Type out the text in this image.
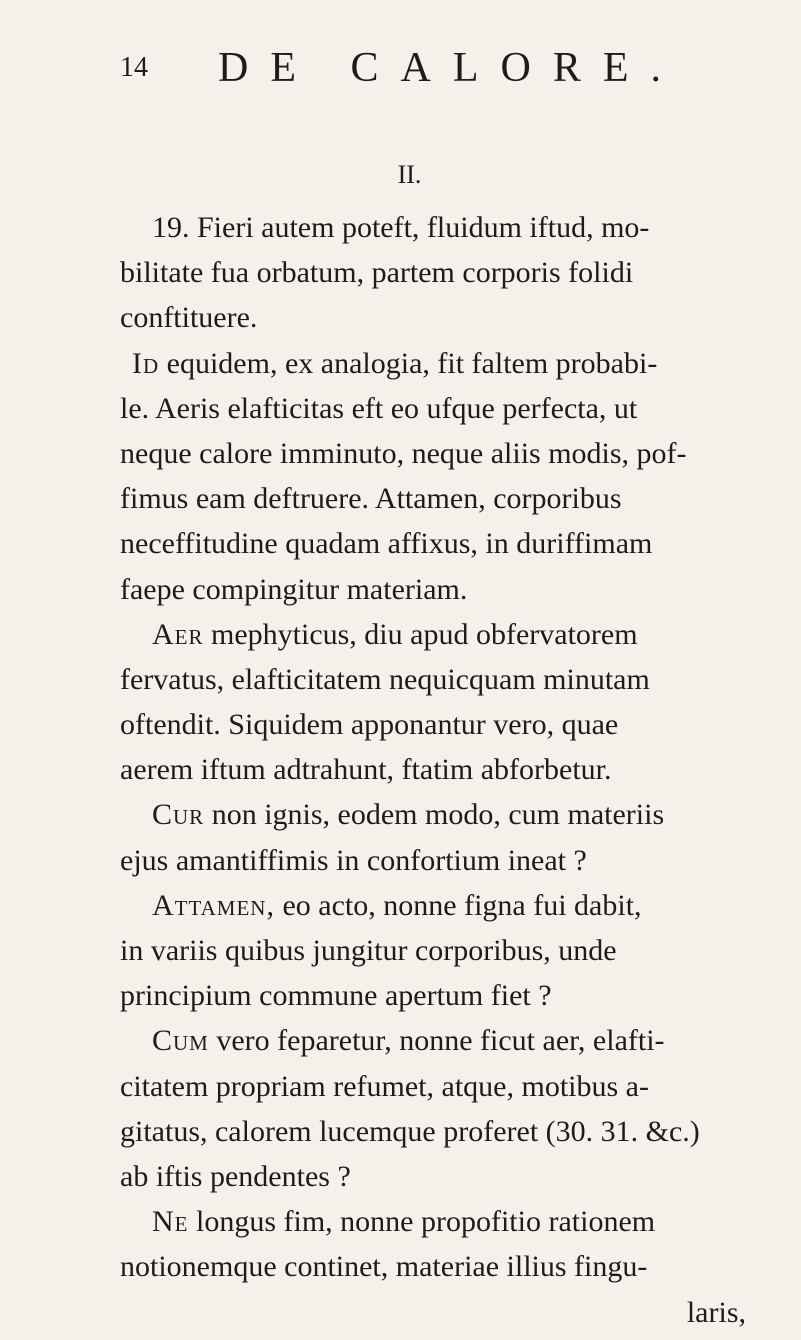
14 DE CALORE.
II.
19. Fieri autem poteft, fluidum iftud, mo-
bilitate fua orbatum, partem corporis folidi
conftituere.
Id equidem, ex analogia, fit faltem probabi-
le. Aeris elafticitas eft eo ufque perfecta, ut
neque calore imminuto, neque aliis modis, pof-
fimus eam deftruere. Attamen, corporibus
neceffitudine quadam affixus, in duriffimam
faepe compingitur materiam.
Aer mephyticus, diu apud obfervatorem
fervatus, elafticitatem nequicquam minutam
oftendit. Siquidem apponantur vero, quae
aerem iftum adtrahunt, ftatim abforbetur.
Cur non ignis, eodem modo, cum materiis
ejus amantiffimis in confortium ineat ?
Attamen, eo acto, nonne figna fui dabit,
in variis quibus jungitur corporibus, unde
principium commune apertum fiet ?
Cum vero feparetur, nonne ficut aer, elafti-
citatem propriam refumet, atque, motibus a-
gitatus, calorem lucemque proferet (30. 31. &c.)
ab iftis pendentes ?
Ne longus fim, nonne propofitio rationem
notionemque continet, materiae illius fingu-
laris,
